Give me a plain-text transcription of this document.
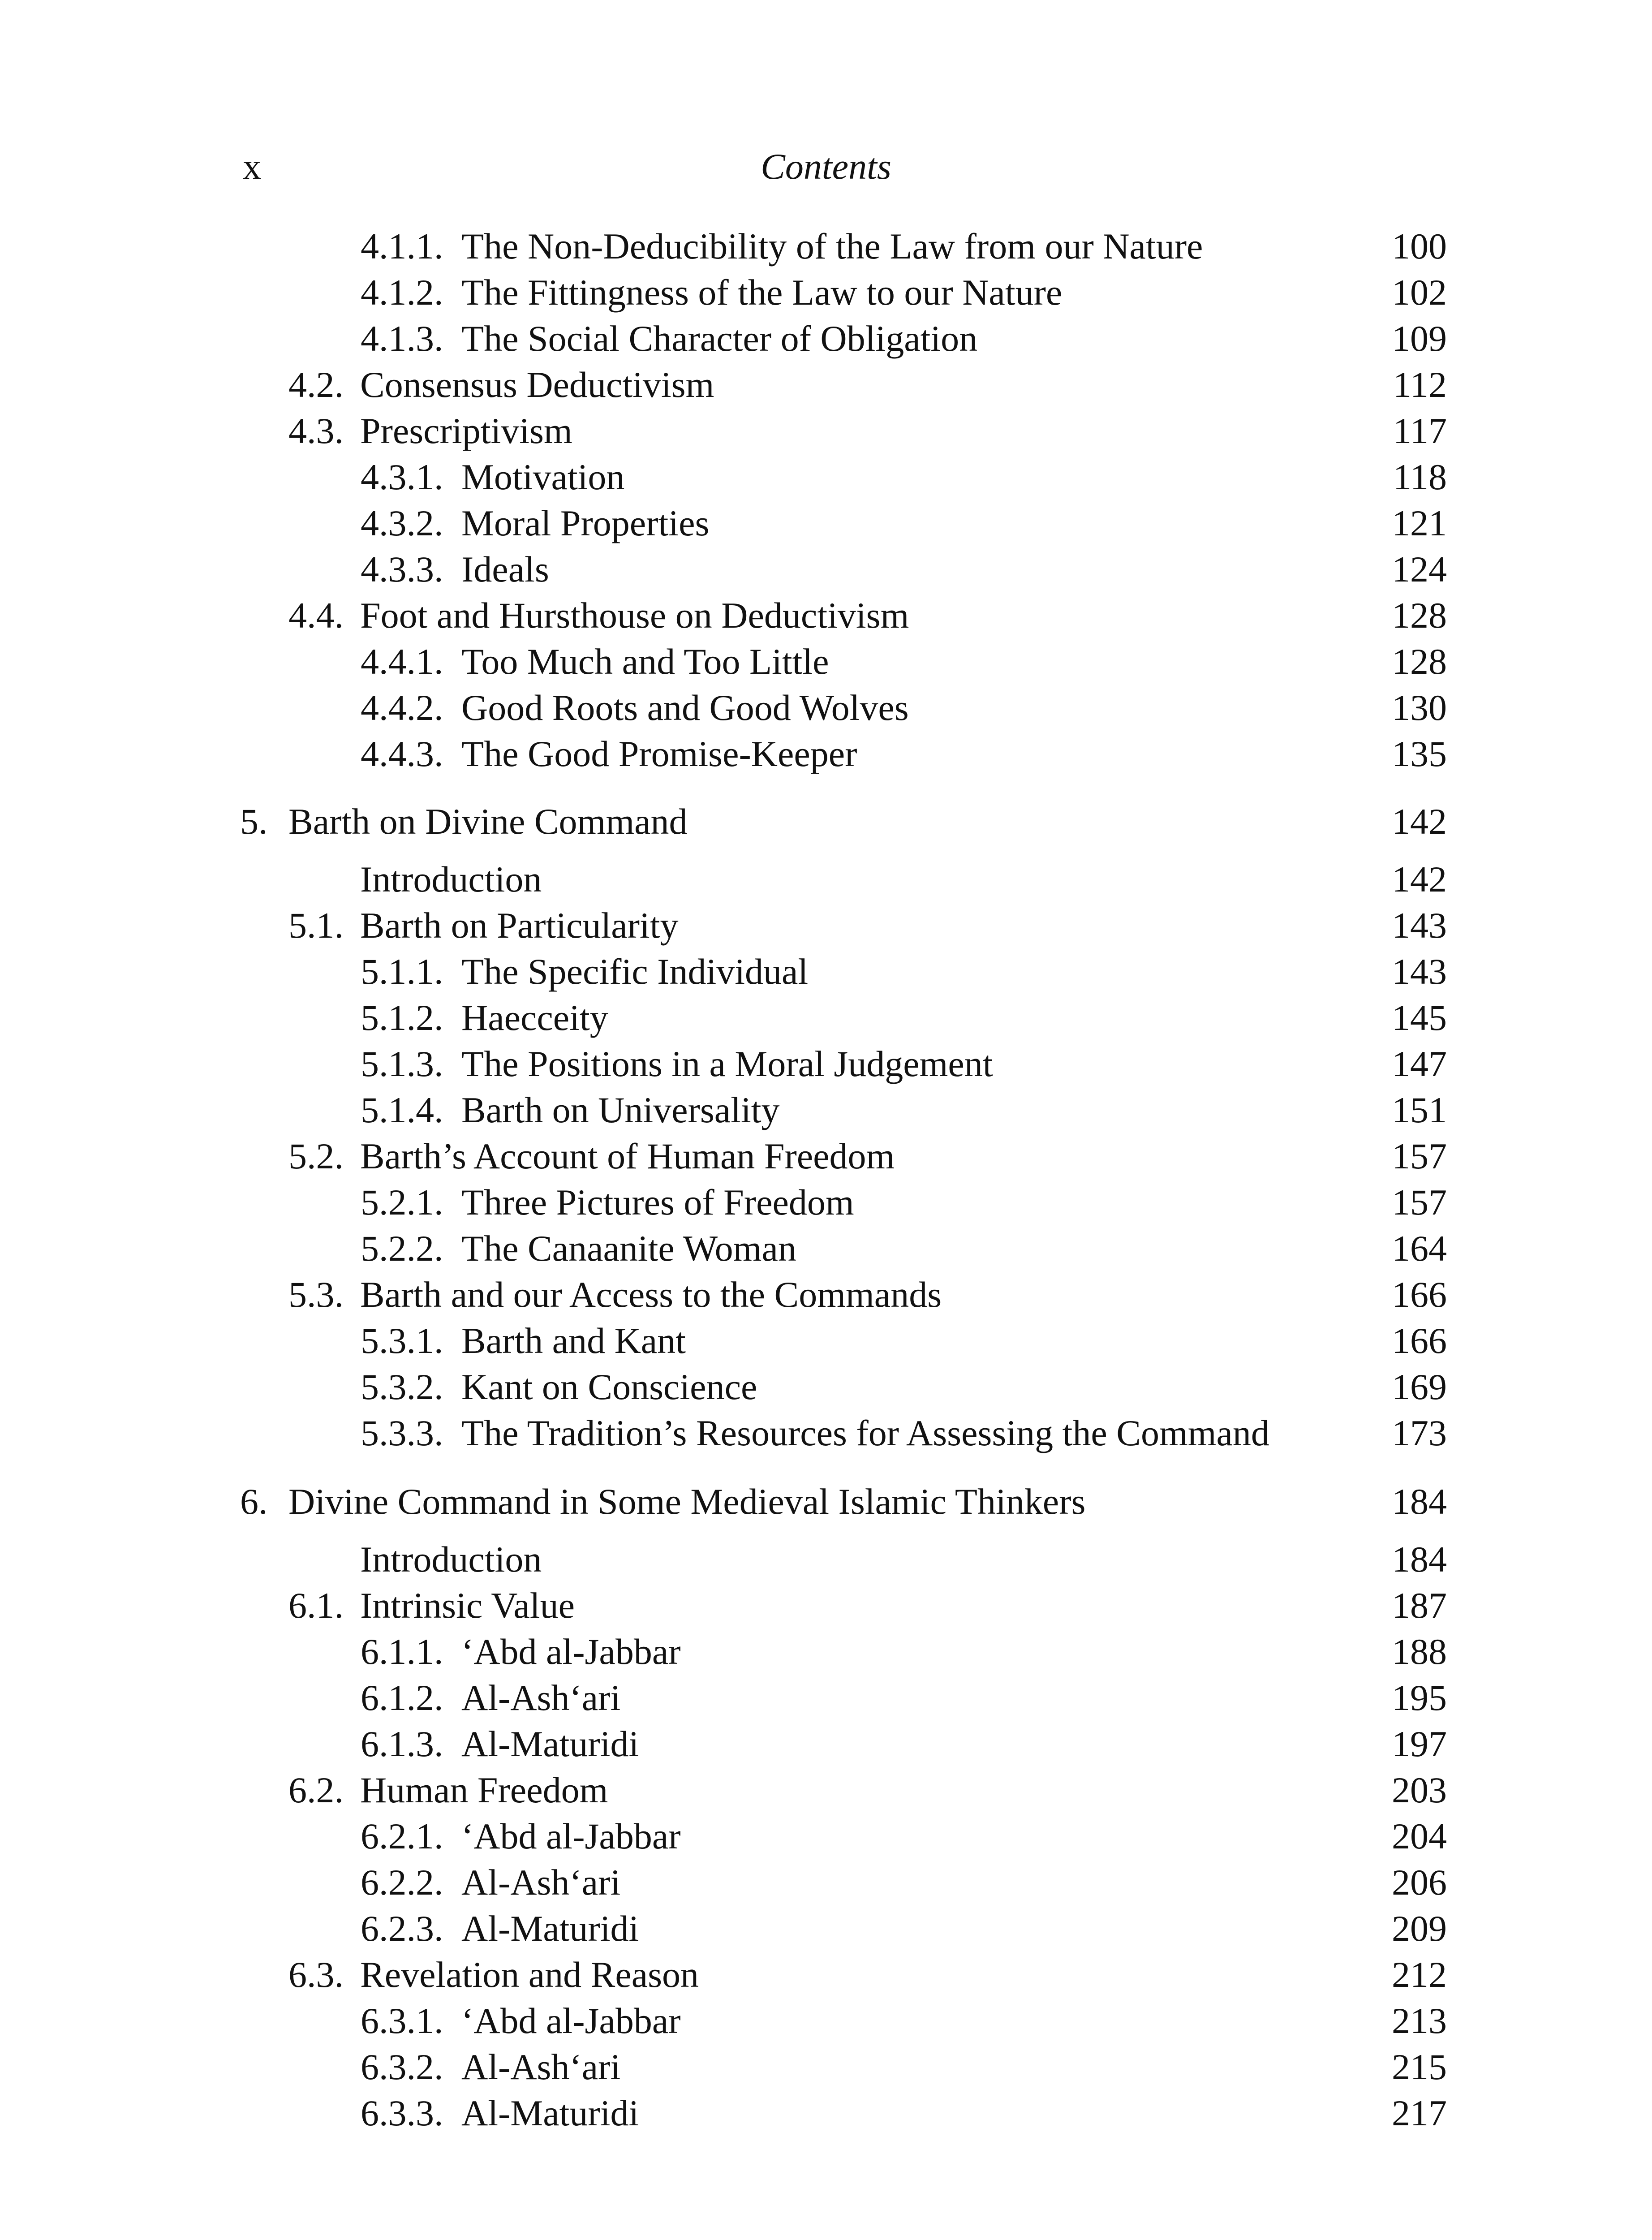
x	Contents
4.1.1. The Non-Deducibility of the Law from our Nature	100
4.1.2. The Fittingness of the Law to our Nature	102
4.1.3. The Social Character of Obligation	109
4.2. Consensus Deductivism	112
4.3. Prescriptivism	117
4.3.1. Motivation	118
4.3.2. Moral Properties	121
4.3.3. Ideals	124
4.4. Foot and Hursthouse on Deductivism	128
4.4.1. Too Much and Too Little	128
4.4.2. Good Roots and Good Wolves	130
4.4.3. The Good Promise-Keeper	135
5. Barth on Divine Command	142
Introduction	142
5.1. Barth on Particularity	143
5.1.1. The Specific Individual	143
5.1.2. Haecceity	145
5.1.3. The Positions in a Moral Judgement	147
5.1.4. Barth on Universality	151
5.2. Barth’s Account of Human Freedom	157
5.2.1. Three Pictures of Freedom	157
5.2.2. The Canaanite Woman	164
5.3. Barth and our Access to the Commands	166
5.3.1. Barth and Kant	166
5.3.2. Kant on Conscience	169
5.3.3. The Tradition’s Resources for Assessing the Command	173
6. Divine Command in Some Medieval Islamic Thinkers	184
Introduction	184
6.1. Intrinsic Value	187
6.1.1. ‘Abd al-Jabbar	188
6.1.2. Al-Ash‘ari	195
6.1.3. Al-Maturidi	197
6.2. Human Freedom	203
6.2.1. ‘Abd al-Jabbar	204
6.2.2. Al-Ash‘ari	206
6.2.3. Al-Maturidi	209
6.3. Revelation and Reason	212
6.3.1. ‘Abd al-Jabbar	213
6.3.2. Al-Ash‘ari	215
6.3.3. Al-Maturidi	217
